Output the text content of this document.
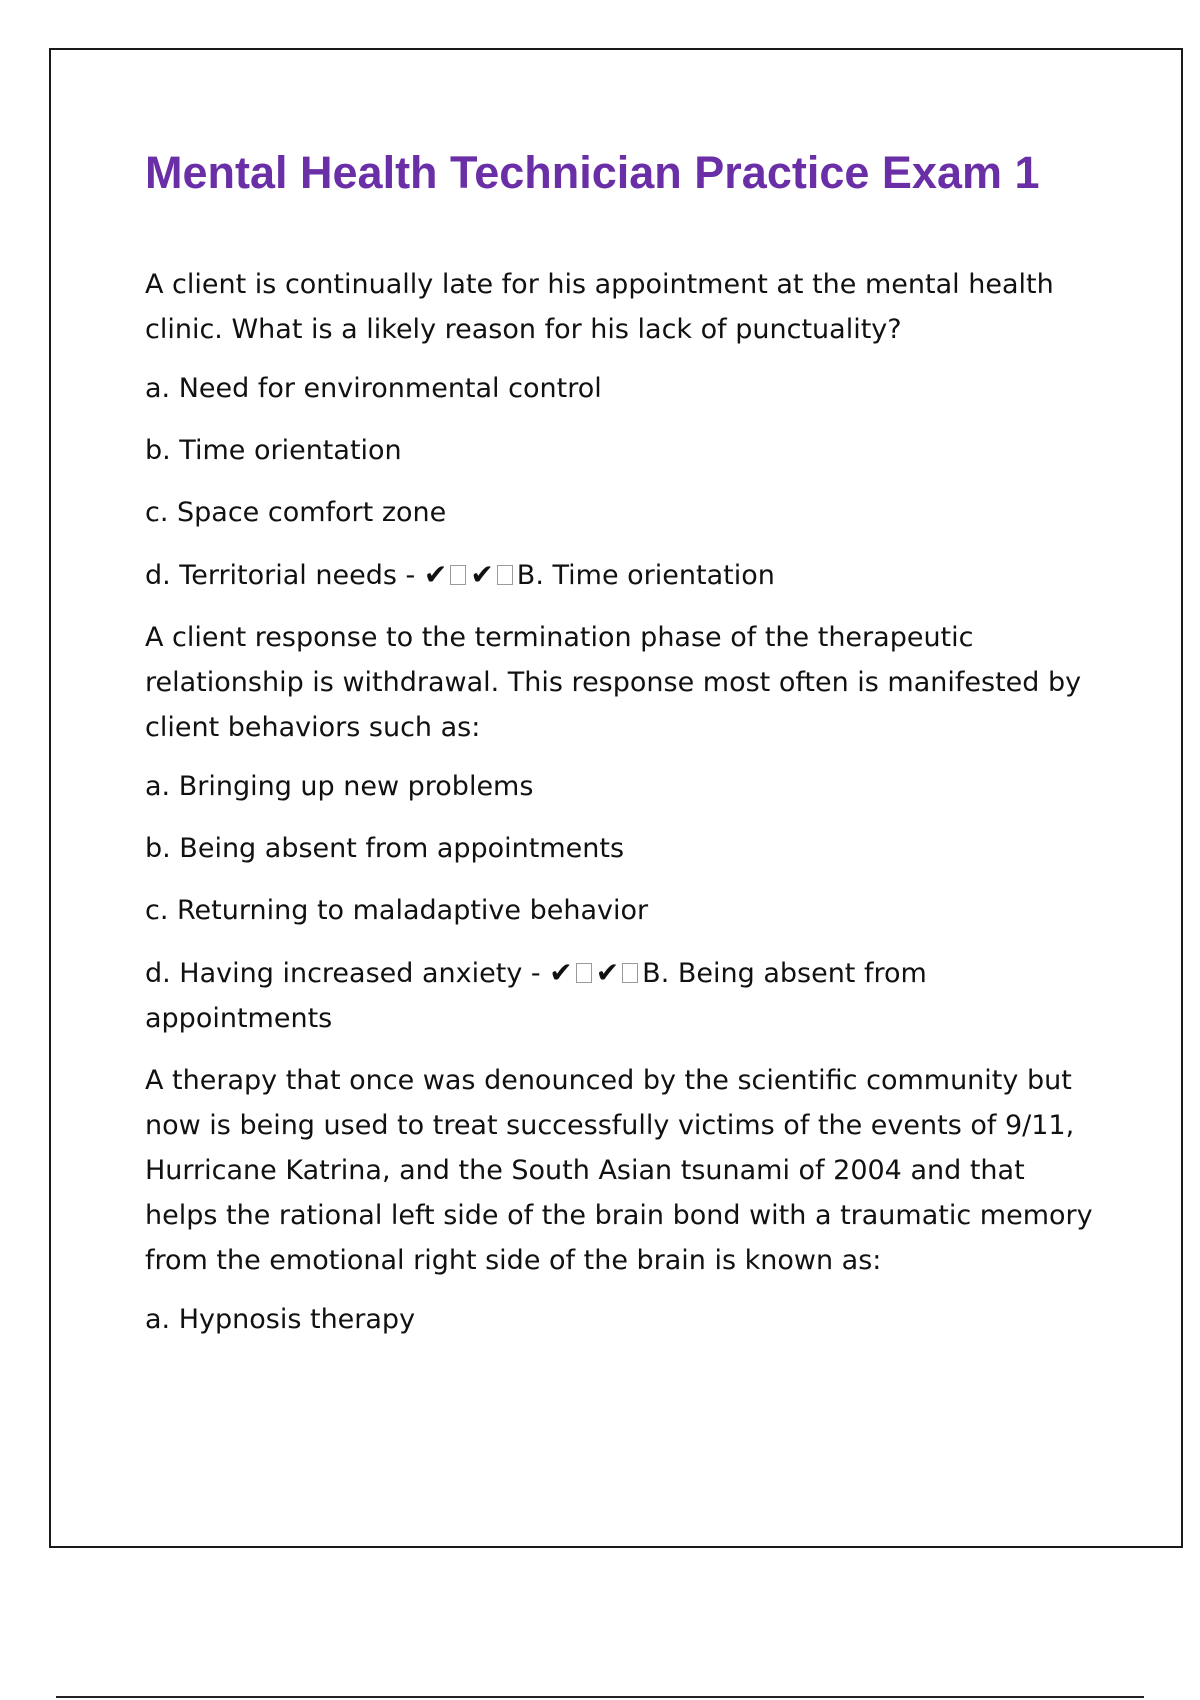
Mental Health Technician Practice Exam 1

A client is continually late for his appointment at the mental health clinic. What is a likely reason for his lack of punctuality?

a. Need for environmental control

b. Time orientation

c. Space comfort zone

d. Territorial needs - ✔ ✔ B. Time orientation

A client response to the termination phase of the therapeutic relationship is withdrawal. This response most often is manifested by client behaviors such as:

a. Bringing up new problems

b. Being absent from appointments

c. Returning to maladaptive behavior

d. Having increased anxiety - ✔ ✔ B. Being absent from appointments

A therapy that once was denounced by the scientific community but now is being used to treat successfully victims of the events of 9/11, Hurricane Katrina, and the South Asian tsunami of 2004 and that helps the rational left side of the brain bond with a traumatic memory from the emotional right side of the brain is known as:

a. Hypnosis therapy
